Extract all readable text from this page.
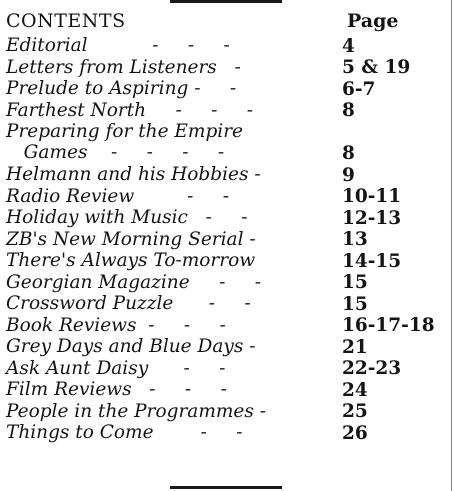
CONTENTS	Page
Editorial           -     -     -	4
Letters from Listeners   -	5 & 19
Prelude to Aspiring -     -	6-7
Farthest North     -     -     -	8
Preparing for the Empire
Games    -     -     -     -	8
Helmann and his Hobbies -	9
Radio Review         -     -	10-11
Holiday with Music   -     -	12-13
ZB's New Morning Serial -	13
There's Always To-morrow	14-15
Georgian Magazine     -     -	15
Crossword Puzzle      -     -	15
Book Reviews  -     -     -	16-17-18
Grey Days and Blue Days -	21
Ask Aunt Daisy      -     -	22-23
Film Reviews   -     -     -	24
People in the Programmes -	25
Things to Come        -     -	26
